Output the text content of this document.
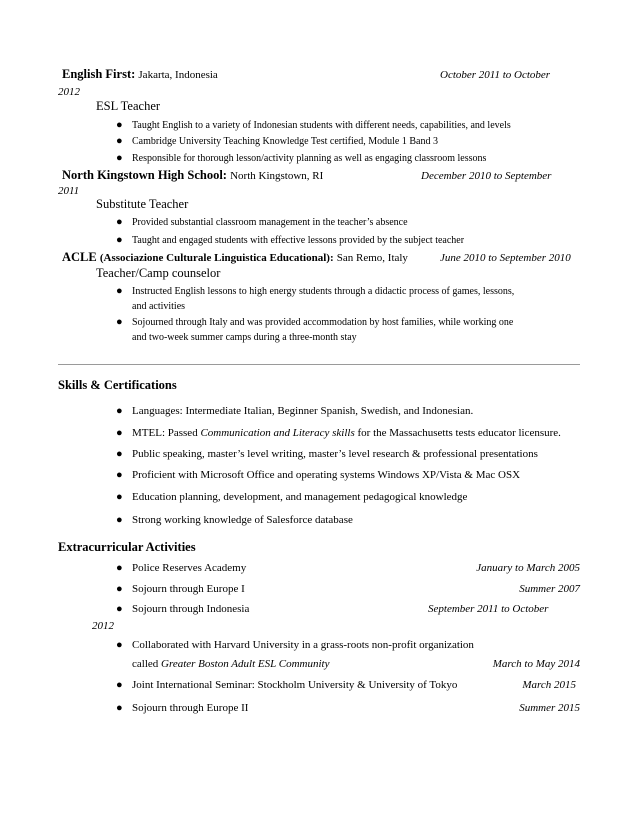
English First: Jakarta, Indonesia	October 2011 to October
2012
ESL Teacher
● Taught English to a variety of Indonesian students with different needs, capabilities, and levels
● Cambridge University Teaching Knowledge Test certified, Module 1 Band 3
● Responsible for thorough lesson/activity planning as well as engaging classroom lessons
North Kingstown High School: North Kingstown, RI	December 2010 to September
2011
Substitute Teacher
● Provided substantial classroom management in the teacher’s absence
● Taught and engaged students with effective lessons provided by the subject teacher
ACLE (Associazione Culturale Linguistica Educational): San Remo, Italy	June 2010 to September 2010
Teacher/Camp counselor
● Instructed English lessons to high energy students through a didactic process of games, lessons,
and activities
● Sojourned through Italy and was provided accommodation by host families, while working one
and two-week summer camps during a three-month stay
Skills & Certifications
● Languages: Intermediate Italian, Beginner Spanish, Swedish, and Indonesian.
● MTEL: Passed Communication and Literacy skills for the Massachusetts tests educator licensure.
● Public speaking, master’s level writing, master’s level research & professional presentations
● Proficient with Microsoft Office and operating systems Windows XP/Vista & Mac OSX
● Education planning, development, and management pedagogical knowledge
● Strong working knowledge of Salesforce database
Extracurricular Activities
● Police Reserves Academy	January to March 2005
● Sojourn through Europe I	Summer 2007
● Sojourn through Indonesia	September 2011 to October
2012
● Collaborated with Harvard University in a grass-roots non-profit organization
called Greater Boston Adult ESL Community	March to May 2014
● Joint International Seminar: Stockholm University & University of Tokyo	March 2015
● Sojourn through Europe II	Summer 2015
